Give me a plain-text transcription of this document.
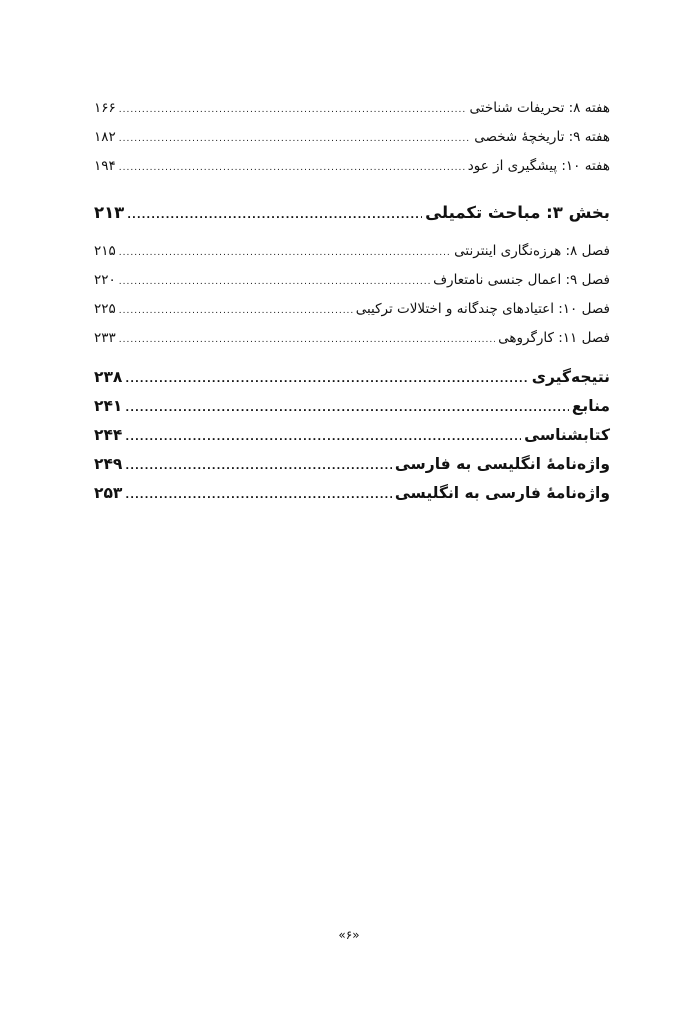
هفته ۸: تحریفات شناختی
.....
۱۶۶
هفته ۹: تاریخچهٔ شخصی
.....
۱۸۲
هفته ۱۰: پیشگیری از عود
.....
۱۹۴
بخش ۳: مباحث تکمیلی
.....
۲۱۳
فصل ۸: هرزه‌نگاری اینترنتی
.....
۲۱۵
فصل ۹: اعمال جنسی نامتعارف
.....
۲۲۰
فصل ۱۰: اعتیادهای چندگانه و اختلالات ترکیبی
.....
۲۲۵
فصل ۱۱: کارگروهی
.....
۲۳۳
نتیجه‌گیری
.....
۲۳۸
منابع
.....
۲۴۱
کتابشناسی
.....
۲۴۴
واژه‌نامهٔ انگلیسی به فارسی
.....
۲۴۹
واژه‌نامهٔ فارسی به انگلیسی
.....
۲۵۳
«۶»
